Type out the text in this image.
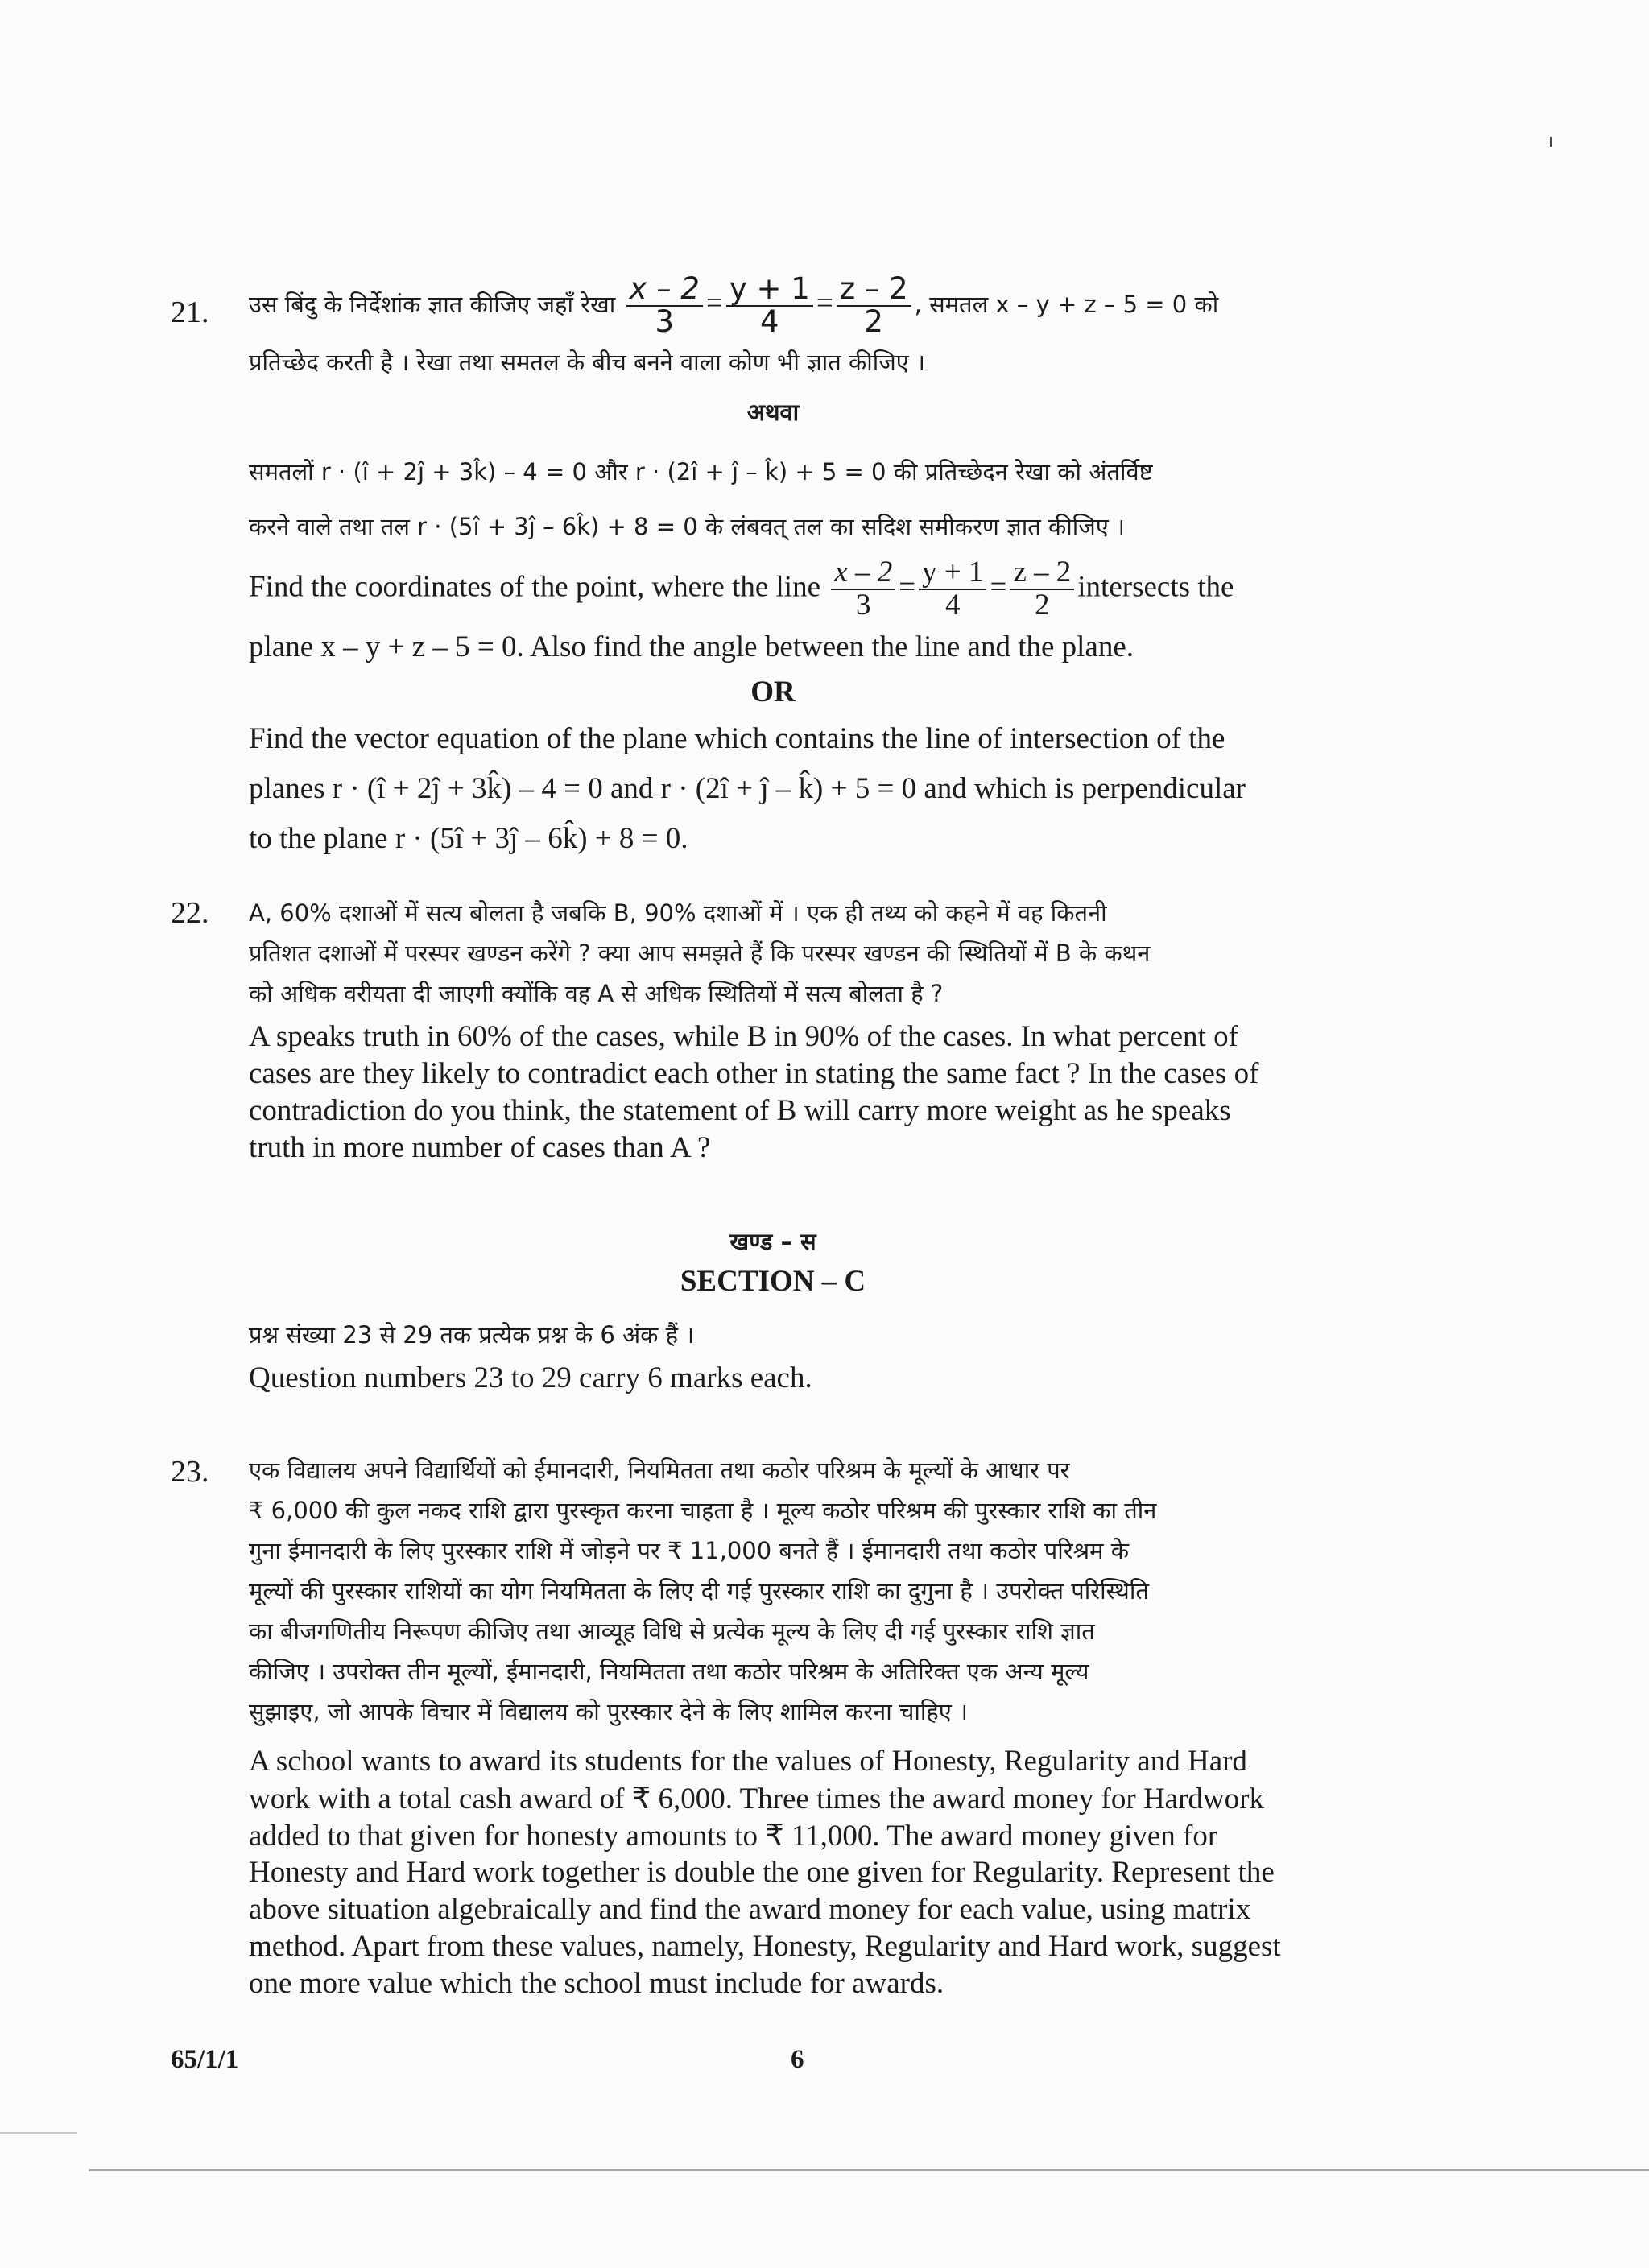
21. उस बिंदु के निर्देशांक ज्ञात कीजिए जहाँ रेखा $\frac{x - 2}{3} = \frac{y + 1}{4} = \frac{z - 2}{2}$ , समतल x – y + z – 5 = 0 को
प्रतिच्छेद करती है । रेखा तथा समतल के बीच बनने वाला कोण भी ज्ञात कीजिए ।
अथवा
समतलों r · (î + 2ĵ + 3k̂) – 4 = 0 और r · (2î + ĵ – k̂) + 5 = 0 की प्रतिच्छेदन रेखा को अंतर्विष्ट
करने वाले तथा तल r · (5î + 3ĵ – 6k̂) + 8 = 0 के लंबवत् तल का सदिश समीकरण ज्ञात कीजिए ।
Find the coordinates of the point, where the line $\frac{x - 2}{3} = \frac{y + 1}{4} = \frac{z - 2}{2}$ intersects the
plane x – y + z – 5 = 0. Also find the angle between the line and the plane.
OR
Find the vector equation of the plane which contains the line of intersection of the
planes r · (î + 2ĵ + 3k̂) – 4 = 0 and r · (2î + ĵ – k̂) + 5 = 0 and which is perpendicular
to the plane r · (5î + 3ĵ – 6k̂) + 8 = 0.
22. A, 60% दशाओं में सत्य बोलता है जबकि B, 90% दशाओं में । एक ही तथ्य को कहने में वह कितनी
प्रतिशत दशाओं में परस्पर खण्डन करेंगे ? क्या आप समझते हैं कि परस्पर खण्डन की स्थितियों में B के कथन
को अधिक वरीयता दी जाएगी क्योंकि वह A से अधिक स्थितियों में सत्य बोलता है ?
A speaks truth in 60% of the cases, while B in 90% of the cases. In what percent of
cases are they likely to contradict each other in stating the same fact ? In the cases of
contradiction do you think, the statement of B will carry more weight as he speaks
truth in more number of cases than A ?
खण्ड – स
SECTION – C
प्रश्न संख्या 23 से 29 तक प्रत्येक प्रश्न के 6 अंक हैं ।
Question numbers 23 to 29 carry 6 marks each.
23. एक विद्यालय अपने विद्यार्थियों को ईमानदारी, नियमितता तथा कठोर परिश्रम के मूल्यों के आधार पर
₹ 6,000 की कुल नकद राशि द्वारा पुरस्कृत करना चाहता है । मूल्य कठोर परिश्रम की पुरस्कार राशि का तीन
गुना ईमानदारी के लिए पुरस्कार राशि में जोड़ने पर ₹ 11,000 बनते हैं । ईमानदारी तथा कठोर परिश्रम के
मूल्यों की पुरस्कार राशियों का योग नियमितता के लिए दी गई पुरस्कार राशि का दुगुना है । उपरोक्त परिस्थिति
का बीजगणितीय निरूपण कीजिए तथा आव्यूह विधि से प्रत्येक मूल्य के लिए दी गई पुरस्कार राशि ज्ञात
कीजिए । उपरोक्त तीन मूल्यों, ईमानदारी, नियमितता तथा कठोर परिश्रम के अतिरिक्त एक अन्य मूल्य
सुझाइए, जो आपके विचार में विद्यालय को पुरस्कार देने के लिए शामिल करना चाहिए ।
A school wants to award its students for the values of Honesty, Regularity and Hard
work with a total cash award of ₹ 6,000. Three times the award money for Hardwork
added to that given for honesty amounts to ₹ 11,000. The award money given for
Honesty and Hard work together is double the one given for Regularity. Represent the
above situation algebraically and find the award money for each value, using matrix
method. Apart from these values, namely, Honesty, Regularity and Hard work, suggest
one more value which the school must include for awards.
65/1/1	6
